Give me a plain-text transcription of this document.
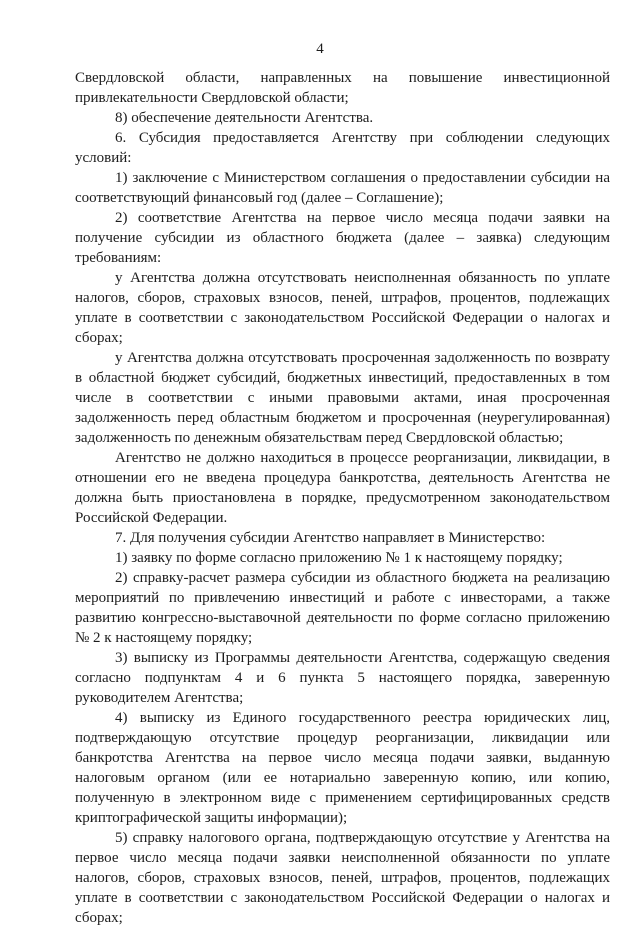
4

Свердловской области, направленных на повышение инвестиционной привлекательности Свердловской области;

8) обеспечение деятельности Агентства.

6. Субсидия предоставляется Агентству при соблюдении следующих условий:

1) заключение с Министерством соглашения о предоставлении субсидии на соответствующий финансовый год (далее – Соглашение);

2) соответствие Агентства на первое число месяца подачи заявки на получение субсидии из областного бюджета (далее – заявка) следующим требованиям:

у Агентства должна отсутствовать неисполненная обязанность по уплате налогов, сборов, страховых взносов, пеней, штрафов, процентов, подлежащих уплате в соответствии с законодательством Российской Федерации о налогах и сборах;

у Агентства должна отсутствовать просроченная задолженность по возврату в областной бюджет субсидий, бюджетных инвестиций, предоставленных в том числе в соответствии с иными правовыми актами, иная просроченная задолженность перед областным бюджетом и просроченная (неурегулированная) задолженность по денежным обязательствам перед Свердловской областью;

Агентство не должно находиться в процессе реорганизации, ликвидации, в отношении его не введена процедура банкротства, деятельность Агентства не должна быть приостановлена в порядке, предусмотренном законодательством Российской Федерации.

7. Для получения субсидии Агентство направляет в Министерство:

1) заявку по форме согласно приложению № 1 к настоящему порядку;

2) справку-расчет размера субсидии из областного бюджета на реализацию мероприятий по привлечению инвестиций и работе с инвесторами, а также развитию конгрессно-выставочной деятельности по форме согласно приложению № 2 к настоящему порядку;

3) выписку из Программы деятельности Агентства, содержащую сведения согласно подпунктам 4 и 6 пункта 5 настоящего порядка, заверенную руководителем Агентства;

4) выписку из Единого государственного реестра юридических лиц, подтверждающую отсутствие процедур реорганизации, ликвидации или банкротства Агентства на первое число месяца подачи заявки, выданную налоговым органом (или ее нотариально заверенную копию, или копию, полученную в электронном виде с применением сертифицированных средств криптографической защиты информации);

5) справку налогового органа, подтверждающую отсутствие у Агентства на первое число месяца подачи заявки неисполненной обязанности по уплате налогов, сборов, страховых взносов, пеней, штрафов, процентов, подлежащих уплате в соответствии с законодательством Российской Федерации о налогах и сборах;
